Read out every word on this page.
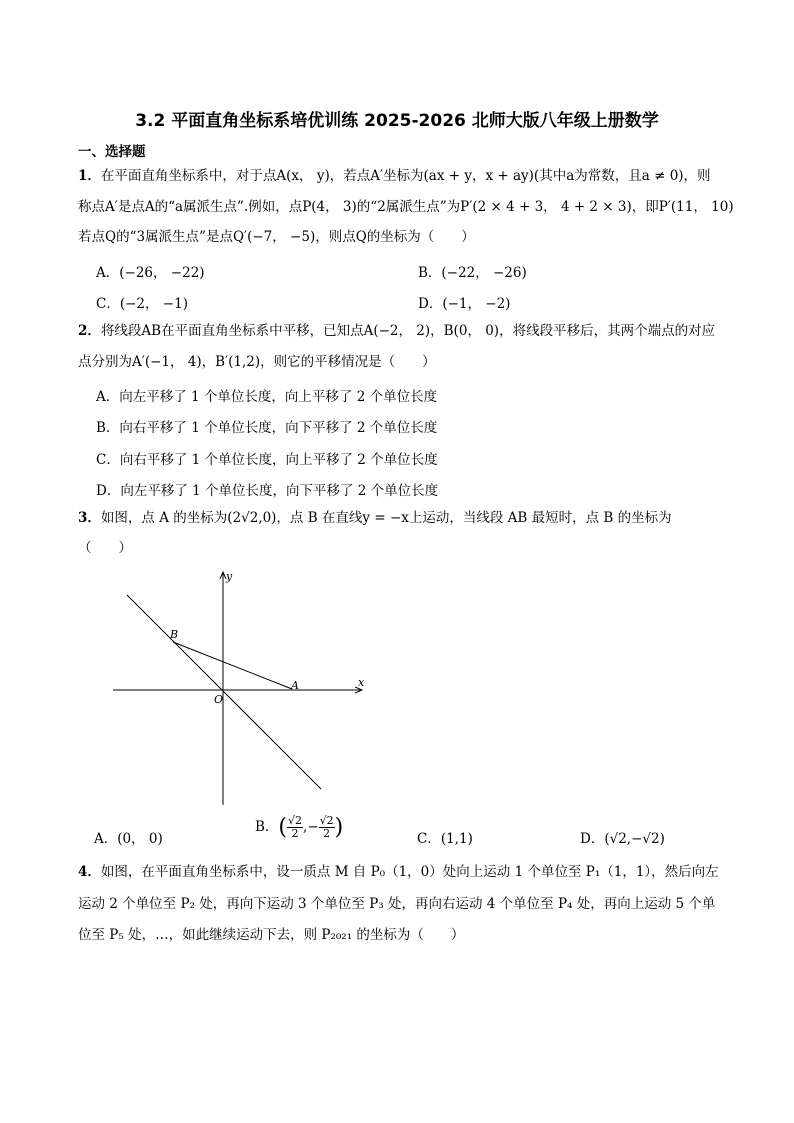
3.2 平面直角坐标系培优训练 2025-2026 北师大版八年级上册数学
一、选择题
1．在平面直角坐标系中，对于点A(x， y)，若点A′坐标为(ax + y，x + ay)(其中a为常数，且a ≠ 0)，则
称点A′是点A的“a属派生点”.例如，点P(4， 3)的“2属派生点”为P′(2 × 4 + 3， 4 + 2 × 3)，即P′(11， 10)
若点Q的“3属派生点”是点Q′(−7， −5)，则点Q的坐标为（　　）
A．(−26， −22)	B．(−22， −26)
C．(−2， −1)	D．(−1， −2)
2．将线段AB在平面直角坐标系中平移，已知点A(−2， 2)，B(0， 0)，将线段平移后，其两个端点的对应
点分别为A′(−1， 4)，B′(1,2)，则它的平移情况是（　　）
A．向左平移了 1 个单位长度，向上平移了 2 个单位长度
B．向右平移了 1 个单位长度，向下平移了 2 个单位长度
C．向右平移了 1 个单位长度，向上平移了 2 个单位长度
D．向左平移了 1 个单位长度，向下平移了 2 个单位长度
3．如图，点 A 的坐标为(2√2,0)，点 B 在直线y = −x上运动，当线段 AB 最短时，点 B 的坐标为
（　　）
y
x
O
A
B
A．(0， 0)
B．( $\frac{√2}{2}$ ,− $\frac{√2}{2}$ )	C．(1,1)	D．(√2,−√2)
4．如图，在平面直角坐标系中，设一质点 M 自 P₀（1，0）处向上运动 1 个单位至 P₁（1，1），然后向左
运动 2 个单位至 P₂ 处，再向下运动 3 个单位至 P₃ 处，再向右运动 4 个单位至 P₄ 处，再向上运动 5 个单
位至 P₅ 处，…，如此继续运动下去，则 P₂₀₂₁ 的坐标为（　　）
